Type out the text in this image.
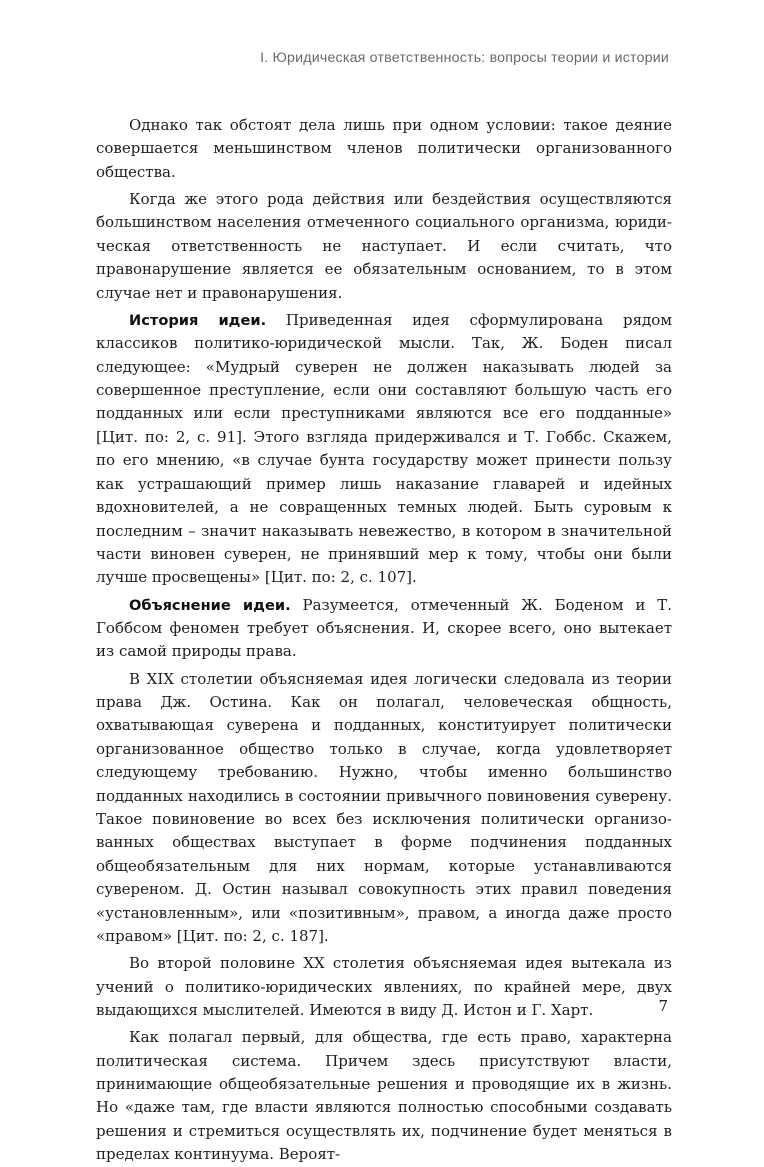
I. Юридическая ответственность: вопросы теории и истории

Однако так обстоят дела лишь при одном условии: такое деяние совершается меньшинством членов политически организованного общества.

Когда же этого рода действия или бездействия осуществляются большинством населения отмеченного социального организма, юридическая ответственность не наступает. И если считать, что правонарушение является ее обязательным основанием, то в этом случае нет и правонарушения.

История идеи. Приведенная идея сформулирована рядом классиков политико-юридической мысли. Так, Ж. Боден писал следующее: «Мудрый суверен не должен наказывать людей за совершенное преступление, если они составляют большую часть его подданных или если преступниками являются все его подданные» [Цит. по: 2, с. 91]. Этого взгляда придерживался и Т. Гоббс. Скажем, по его мнению, «в случае бунта государству может принести пользу как устрашающий пример лишь наказание главарей и идейных вдохновителей, а не совращенных темных людей. Быть суровым к последним – значит наказывать невежество, в котором в значительной части виновен суверен, не принявший мер к тому, чтобы они были лучше просвещены» [Цит. по: 2, с. 107].

Объяснение идеи. Разумеется, отмеченный Ж. Боденом и Т. Гоббсом феномен требует объяснения. И, скорее всего, оно вытекает из самой природы права.

В XIX столетии объясняемая идея логически следовала из теории права Дж. Остина. Как он полагал, человеческая общность, охватывающая суверена и подданных, конституирует политически организованное общество только в случае, когда удовлетворяет следующему требованию. Нужно, чтобы именно большинство подданных находились в состоянии привычного повиновения суверену. Такое повиновение во всех без исключения политически организованных обществах выступает в форме подчинения подданных общеобязательным для них нормам, которые устанавливаются сувереном. Д. Остин называл совокупность этих правил поведения «установленным», или «позитивным», правом, а иногда даже просто «правом» [Цит. по: 2, с. 187].

Во второй половине XX столетия объясняемая идея вытекала из учений о политико-юридических явлениях, по крайней мере, двух выдающихся мыслителей. Имеются в виду Д. Истон и Г. Харт.

Как полагал первый, для общества, где есть право, характерна политическая система. Причем здесь присутствуют власти, принимающие общеобязательные решения и проводящие их в жизнь. Но «даже там, где власти являются полностью способными создавать решения и стремиться осуществлять их, подчинение будет меняться в пределах континуума. Вероят-

7
